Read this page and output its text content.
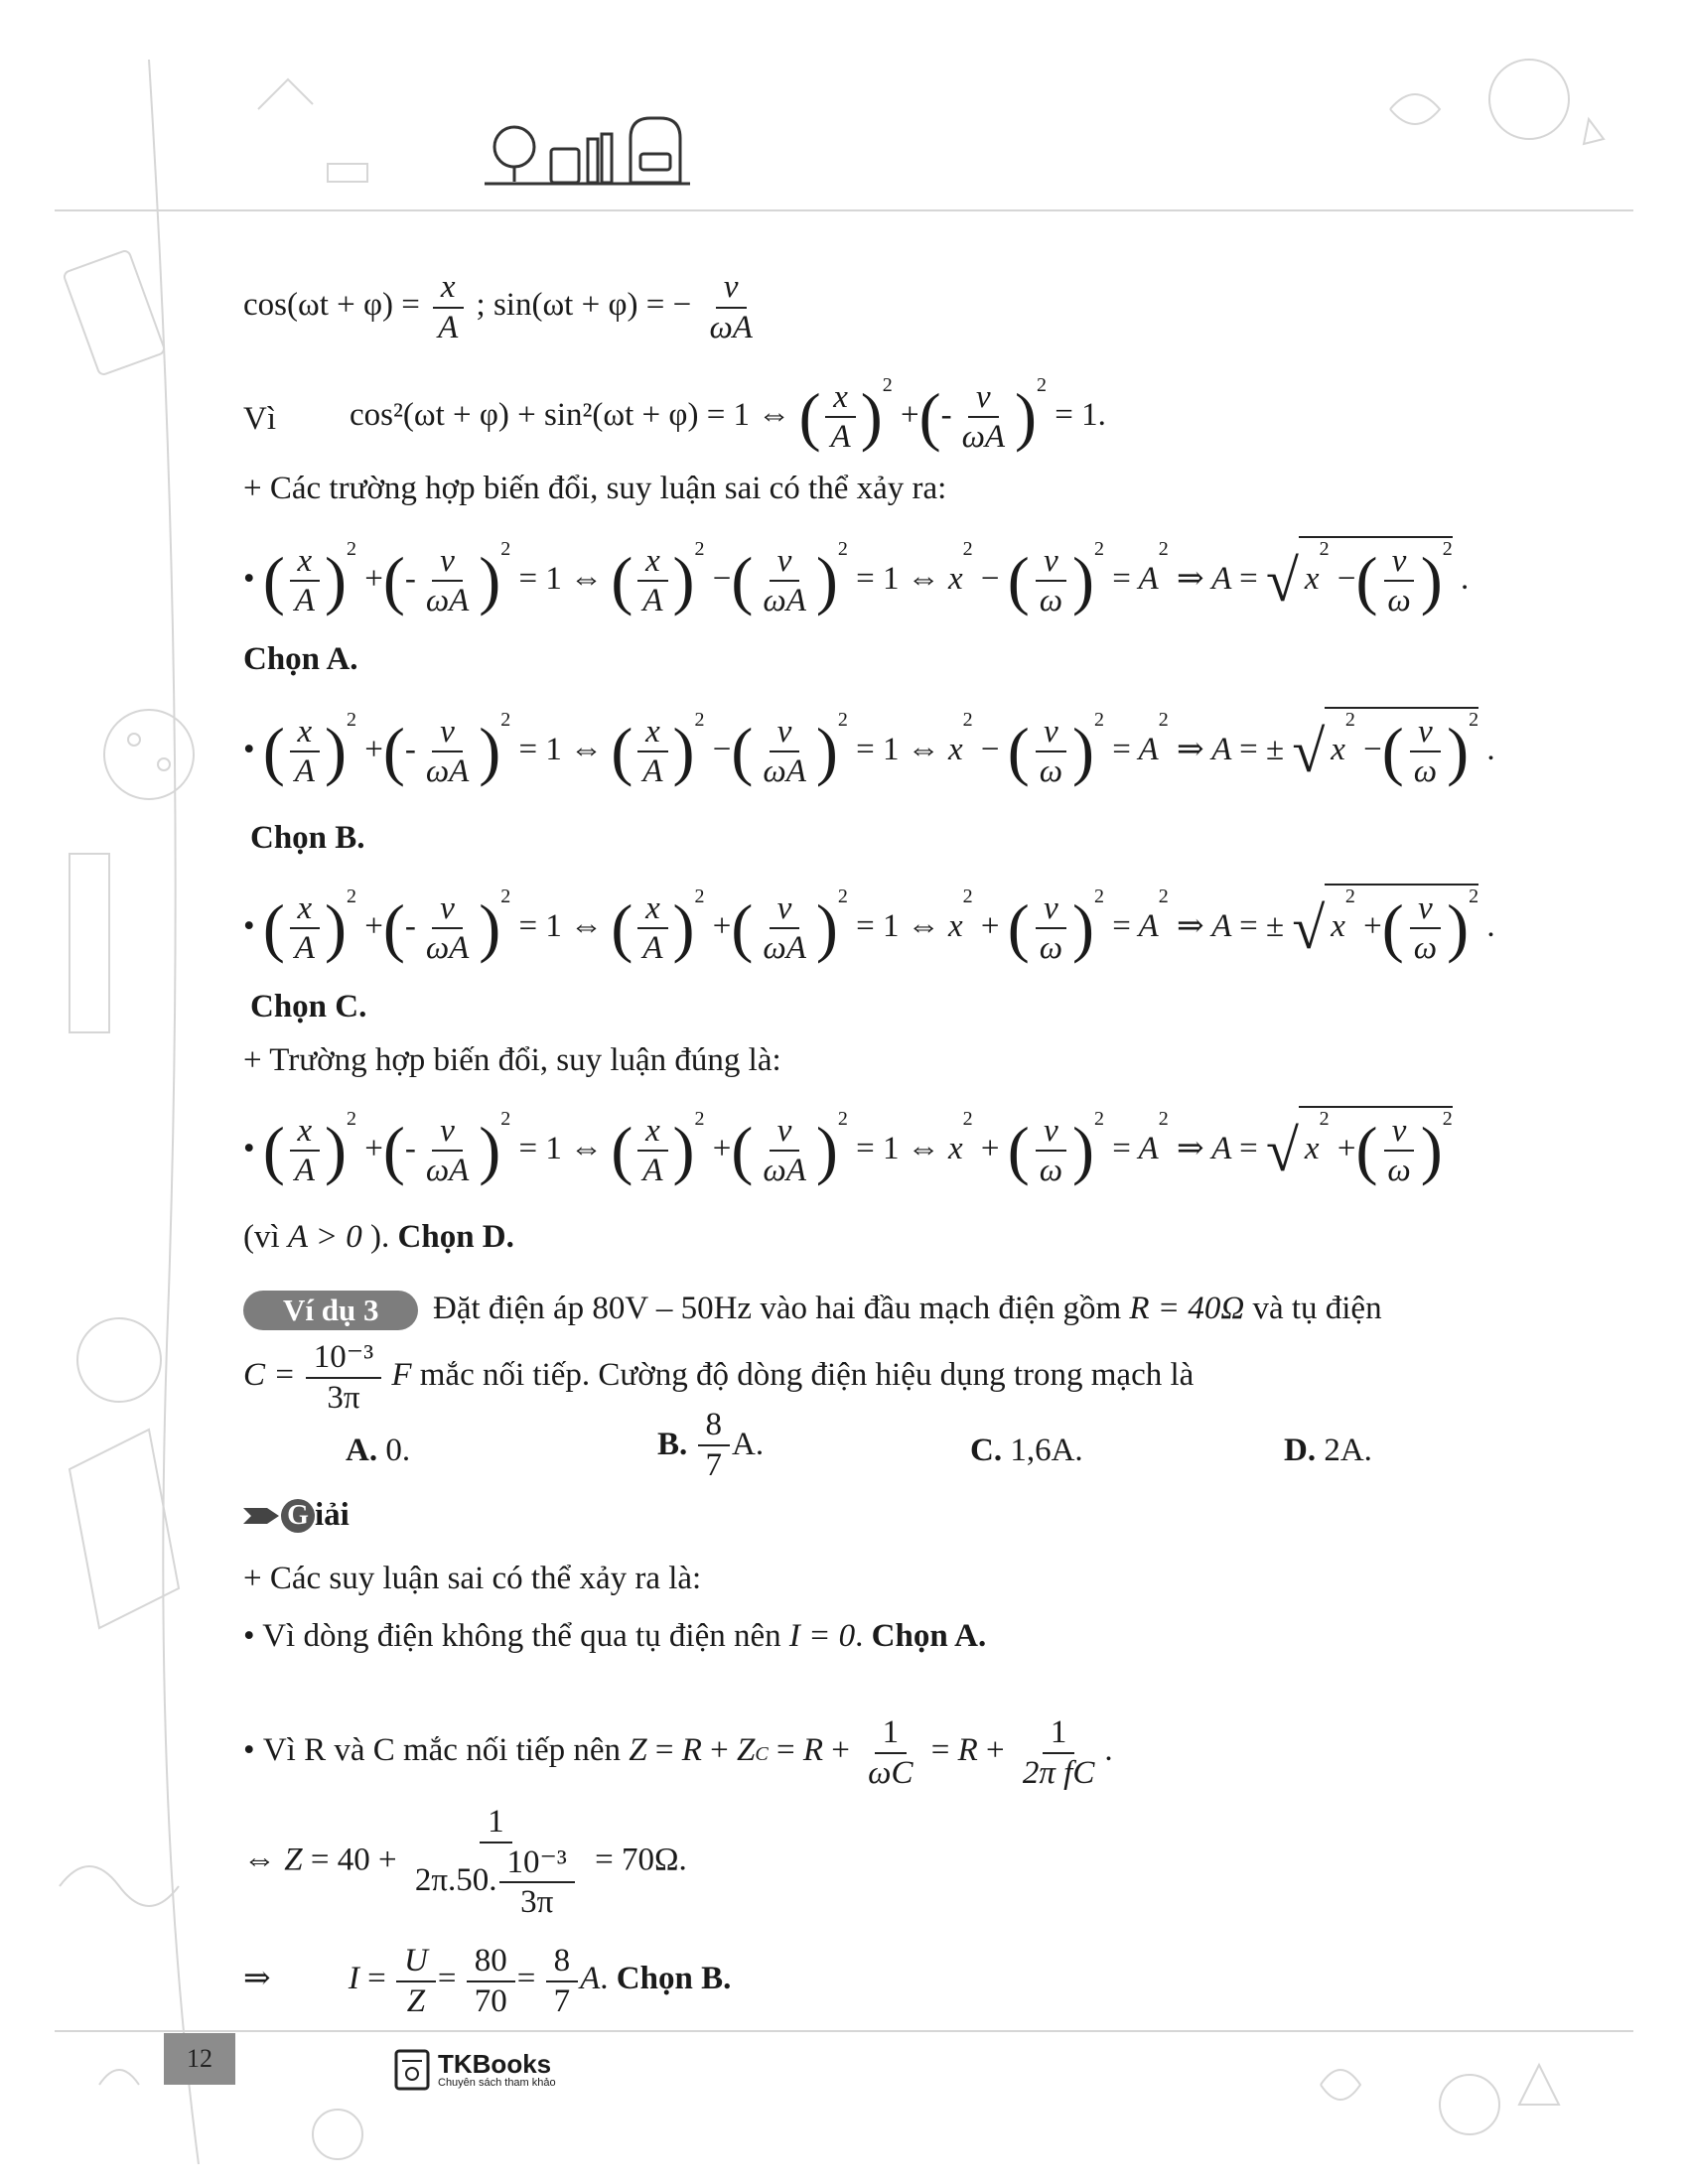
$\cos(\omega t + \varphi) = \frac{x}{A}$ ; sin(ωt + φ) = − $\frac{v}{\omega A}$
Vì cos²(ωt + φ) + sin²(ωt + φ) = 1 ⇔ ( $\frac{x}{A} )^2$ +(- $\frac{v}{\omega A} )^2 = 1$.
+ Các trường hợp biến đổi, suy luận sai có thể xảy ra:
• ( $\frac{x}{A} )^2$ +(- $\frac{v}{\omega A} )^2 = 1$ ⇔ ( $\frac{x}{A} )^2$ −( $\frac{v}{\omega A} )^2 = 1$ ⇔ $x^2$ − ( $\frac{v}{\omega} )^2 = A^2$ ⇒ A = √ $x^2$ −( $\frac{v}{\omega} )^2$ .
Chọn A.
• ( $\frac{x}{A} )^2$ +(- $\frac{v}{\omega A} )^2 = 1$ ⇔ ( $\frac{x}{A} )^2$ −( $\frac{v}{\omega A} )^2 = 1$ ⇔ $x^2$ − ( $\frac{v}{\omega} )^2 = A^2$ ⇒ A = ± √ $x^2$ −( $\frac{v}{\omega} )^2$ .
Chọn B.
• ( $\frac{x}{A} )^2$ +(- $\frac{v}{\omega A} )^2 = 1$ ⇔ ( $\frac{x}{A} )^2$ +( $\frac{v}{\omega A} )^2 = 1$ ⇔ $x^2$ + ( $\frac{v}{\omega} )^2 = A^2$ ⇒ A = ± √ $x^2$ +( $\frac{v}{\omega} )^2$ .
Chọn C.
+ Trường hợp biến đổi, suy luận đúng là:
• ( $\frac{x}{A} )^2$ +(- $\frac{v}{\omega A} )^2 = 1$ ⇔ ( $\frac{x}{A} )^2$ +( $\frac{v}{\omega A} )^2 = 1$ ⇔ $x^2$ + ( $\frac{v}{\omega} )^2 = A^2$ ⇒ A = √ $x^2$ +( $\frac{v}{\omega} )^2$
(vì A > 0 ). Chọn D.
Ví dụ 3	Đặt điện áp 80V – 50Hz vào hai đầu mạch điện gồm R = 40Ω và tụ điện
$C = \frac{\text{10⁻³}}{3\pi}$ F mắc nối tiếp. Cường độ dòng điện hiệu dụng trong mạch là
A. 0.	B. $\frac{8}{7} A$.	C. 1,6A.	D. 2A.
G iải
+ Các suy luận sai có thể xảy ra là:
• Vì dòng điện không thể qua tụ điện nên I = 0. Chọn A.
• Vì R và C mắc nối tiếp nên Z = R + ZC = $R + \frac{1}{\omega C} = R + \frac{1}{\text{2π fC}}$ .
⇔ $Z = 40 + \frac{1}{2\pi.50. \frac{\text{10⁻³}}{3\pi}} = 70\Omega$.
⇒ $I = \frac{U}{Z} = \frac{80}{70} = \frac{8}{7} A$. Chọn B.
12	TKBooks
Chuyên sách tham khảo
